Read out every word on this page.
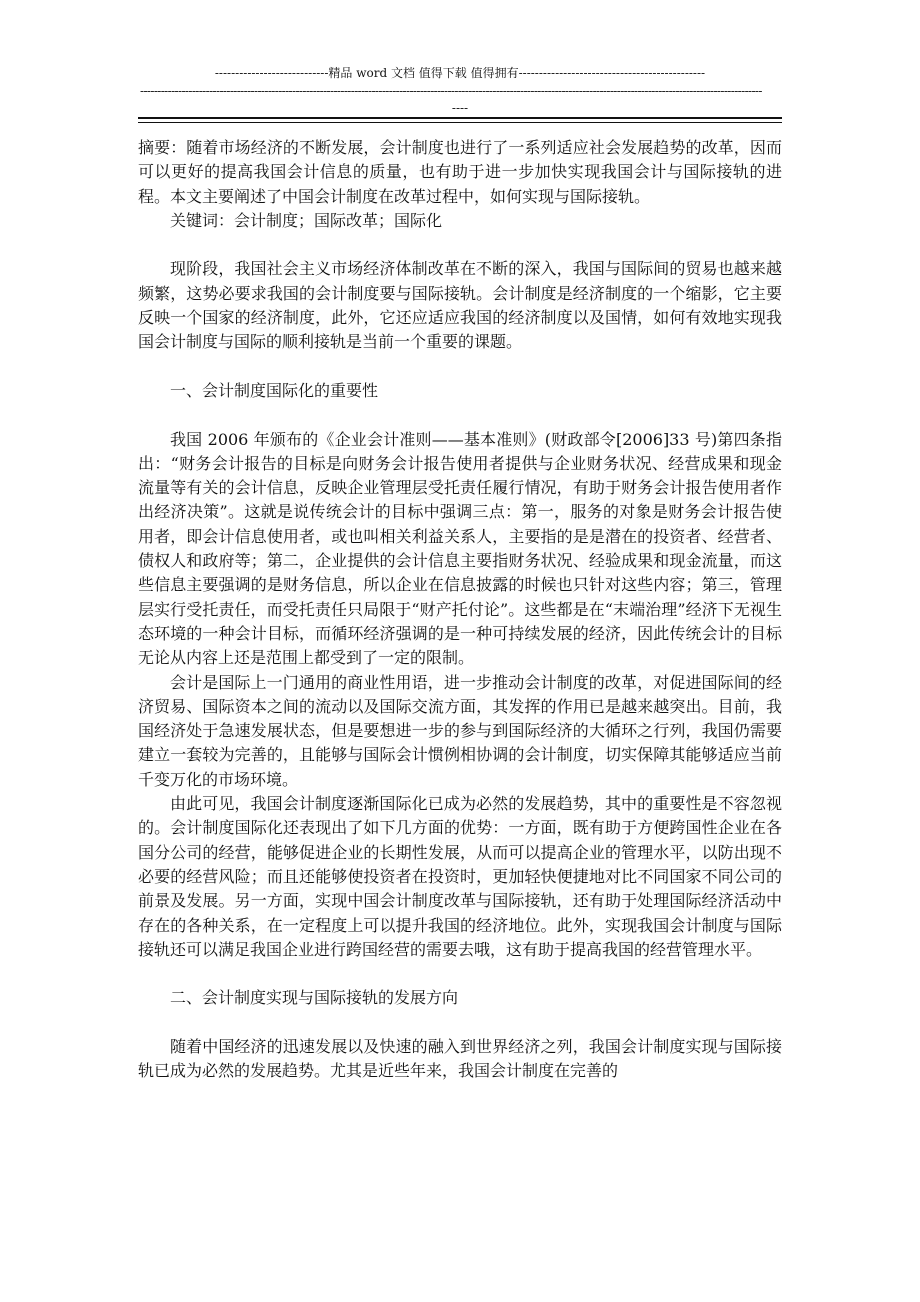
----------------------------精品 word 文档 值得下载 值得拥有----------------------------------------------
------------------------------------------------------------------------------------------------------------------------------------------------------------------------------------
----

摘要：随着市场经济的不断发展，会计制度也进行了一系列适应社会发展趋势的改革，因而可以更好的提高我国会计信息的质量，也有助于进一步加快实现我国会计与国际接轨的进程。本文主要阐述了中国会计制度在改革过程中，如何实现与国际接轨。

关键词：会计制度；国际改革；国际化

现阶段，我国社会主义市场经济体制改革在不断的深入，我国与国际间的贸易也越来越频繁，这势必要求我国的会计制度要与国际接轨。会计制度是经济制度的一个缩影，它主要反映一个国家的经济制度，此外，它还应适应我国的经济制度以及国情，如何有效地实现我国会计制度与国际的顺利接轨是当前一个重要的课题。

一、会计制度国际化的重要性

我国 2006 年颁布的《企业会计准则——基本准则》(财政部令[2006]33 号)第四条指出：“财务会计报告的目标是向财务会计报告使用者提供与企业财务状况、经营成果和现金流量等有关的会计信息，反映企业管理层受托责任履行情况，有助于财务会计报告使用者作出经济决策”。这就是说传统会计的目标中强调三点：第一，服务的对象是财务会计报告使用者，即会计信息使用者，或也叫相关利益关系人，主要指的是是潜在的投资者、经营者、债权人和政府等；第二，企业提供的会计信息主要指财务状况、经验成果和现金流量，而这些信息主要强调的是财务信息，所以企业在信息披露的时候也只针对这些内容；第三，管理层实行受托责任，而受托责任只局限于“财产托付论”。这些都是在“末端治理”经济下无视生态环境的一种会计目标，而循环经济强调的是一种可持续发展的经济，因此传统会计的目标无论从内容上还是范围上都受到了一定的限制。

会计是国际上一门通用的商业性用语，进一步推动会计制度的改革，对促进国际间的经济贸易、国际资本之间的流动以及国际交流方面，其发挥的作用已是越来越突出。目前，我国经济处于急速发展状态，但是要想进一步的参与到国际经济的大循环之行列，我国仍需要建立一套较为完善的，且能够与国际会计惯例相协调的会计制度，切实保障其能够适应当前千变万化的市场环境。

由此可见，我国会计制度逐渐国际化已成为必然的发展趋势，其中的重要性是不容忽视的。会计制度国际化还表现出了如下几方面的优势：一方面，既有助于方便跨国性企业在各国分公司的经营，能够促进企业的长期性发展，从而可以提高企业的管理水平，以防出现不必要的经营风险；而且还能够使投资者在投资时，更加轻快便捷地对比不同国家不同公司的前景及发展。另一方面，实现中国会计制度改革与国际接轨，还有助于处理国际经济活动中存在的各种关系，在一定程度上可以提升我国的经济地位。此外，实现我国会计制度与国际接轨还可以满足我国企业进行跨国经营的需要去哦，这有助于提高我国的经营管理水平。

二、会计制度实现与国际接轨的发展方向

随着中国经济的迅速发展以及快速的融入到世界经济之列，我国会计制度实现与国际接轨已成为必然的发展趋势。尤其是近些年来，我国会计制度在完善的
